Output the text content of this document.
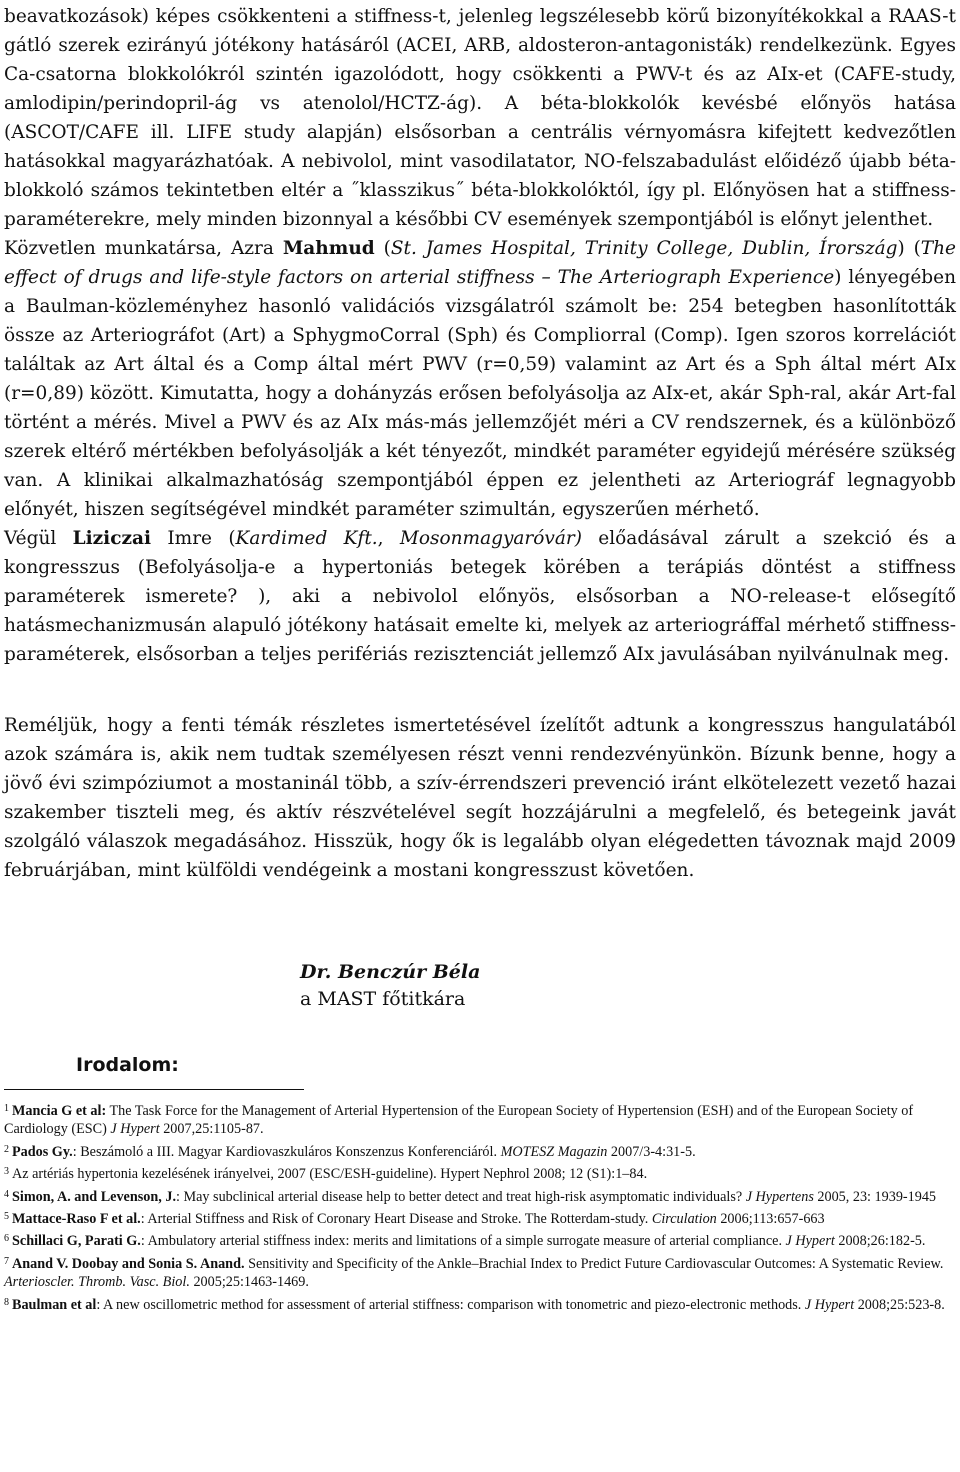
beavatkozások) képes csökkenteni a stiffness-t, jelenleg legszélesebb körű bizonyítékokkal a RAAS-t gátló szerek ezirányú jótékony hatásáról (ACEI, ARB, aldosteron-antagonisták) rendelkezünk. Egyes Ca-csatorna blokkolókról szintén igazolódott, hogy csökkenti a PWV-t és az AIx-et (CAFE-study, amlodipin/perindopril-ág vs atenolol/HCTZ-ág). A béta-blokkolók kevésbé előnyös hatása (ASCOT/CAFE ill. LIFE study alapján) elsősorban a centrális vérnyomásra kifejtett kedvezőtlen hatásokkal magyarázhatóak. A nebivolol, mint vasodilatator, NO-felszabadulást előidéző újabb béta-blokkoló számos tekintetben eltér a ˝klasszikus˝ béta-blokkolóktól, így pl. Előnyösen hat a stiffness-paraméterekre, mely minden bizonnyal a későbbi CV események szempontjából is előnyt jelenthet.

Közvetlen munkatársa, Azra Mahmud (St. James Hospital, Trinity College, Dublin, Írország) (The effect of drugs and life-style factors on arterial stiffness – The Arteriograph Experience) lényegében a Baulman-közleményhez hasonló validációs vizsgálatról számolt be: 254 betegben hasonlították össze az Arteriográfot (Art) a SphygmoCorral (Sph) és Compliorral (Comp). Igen szoros korrelációt találtak az Art által és a Comp által mért PWV (r=0,59) valamint az Art és a Sph által mért AIx (r=0,89) között. Kimutatta, hogy a dohányzás erősen befolyásolja az AIx-et, akár Sph-ral, akár Art-fal történt a mérés. Mivel a PWV és az AIx más-más jellemzőjét méri a CV rendszernek, és a különböző szerek eltérő mértékben befolyásolják a két tényezőt, mindkét paraméter egyidejű mérésére szükség van. A klinikai alkalmazhatóság szempontjából éppen ez jelentheti az Arteriográf legnagyobb előnyét, hiszen segítségével mindkét paraméter szimultán, egyszerűen mérhető.

Végül Liziczai Imre (Kardimed Kft., Mosonmagyaróvár) előadásával zárult a szekció és a kongresszus (Befolyásolja-e a hypertoniás betegek körében a terápiás döntést a stiffness paraméterek ismerete? ), aki a nebivolol előnyös, elsősorban a NO-release-t elősegítő hatásmechanizmusán alapuló jótékony hatásait emelte ki, melyek az arteriográffal mérhető stiffness-paraméterek, elsősorban a teljes perifériás rezisztenciát jellemző AIx javulásában nyilvánulnak meg.

Reméljük, hogy a fenti témák részletes ismertetésével ízelítőt adtunk a kongresszus hangulatából azok számára is, akik nem tudtak személyesen részt venni rendezvényünkön. Bízunk benne, hogy a jövő évi szimpóziumot a mostaninál több, a szív-érrendszeri prevenció iránt elkötelezett vezető hazai szakember tiszteli meg, és aktív részvételével segít hozzájárulni a megfelelő, és betegeink javát szolgáló válaszok megadásához. Hisszük, hogy ők is legalább olyan elégedetten távoznak majd 2009 februárjában, mint külföldi vendégeink a mostani kongresszust követően.

Dr. Benczúr Béla
a MAST főtitkára
Irodalom:
$^1$ Mancia G et al: The Task Force for the Management of Arterial Hypertension of the European Society of Hypertension (ESH) and of the European Society of Cardiology (ESC) J Hypert 2007,25:1105-87.
$^2$ Pados Gy.: Beszámoló a III. Magyar Kardiovaszkuláros Konszenzus Konferenciáról. MOTESZ Magazin 2007/3-4:31-5.
$^3$ Az artériás hypertonia kezelésének irányelvei, 2007 (ESC/ESH-guideline). Hypert Nephrol 2008; 12 (S1):1–84.
$^4$ Simon, A. and Levenson, J.: May subclinical arterial disease help to better detect and treat high-risk asymptomatic individuals? J Hypertens 2005, 23: 1939-1945
$^5$ Mattace-Raso F et al.: Arterial Stiffness and Risk of Coronary Heart Disease and Stroke. The Rotterdam-study. Circulation 2006;113:657-663
$^6$ Schillaci G, Parati G.: Ambulatory arterial stiffness index: merits and limitations of a simple surrogate measure of arterial compliance. J Hypert 2008;26:182-5.
$^7$ Anand V. Doobay and Sonia S. Anand. Sensitivity and Specificity of the Ankle–Brachial Index to Predict Future Cardiovascular Outcomes: A Systematic Review. Arterioscler. Thromb. Vasc. Biol. 2005;25:1463-1469.
$^8$ Baulman et al: A new oscillometric method for assessment of arterial stiffness: comparison with tonometric and piezo-electronic methods. J Hypert 2008;25:523-8.
